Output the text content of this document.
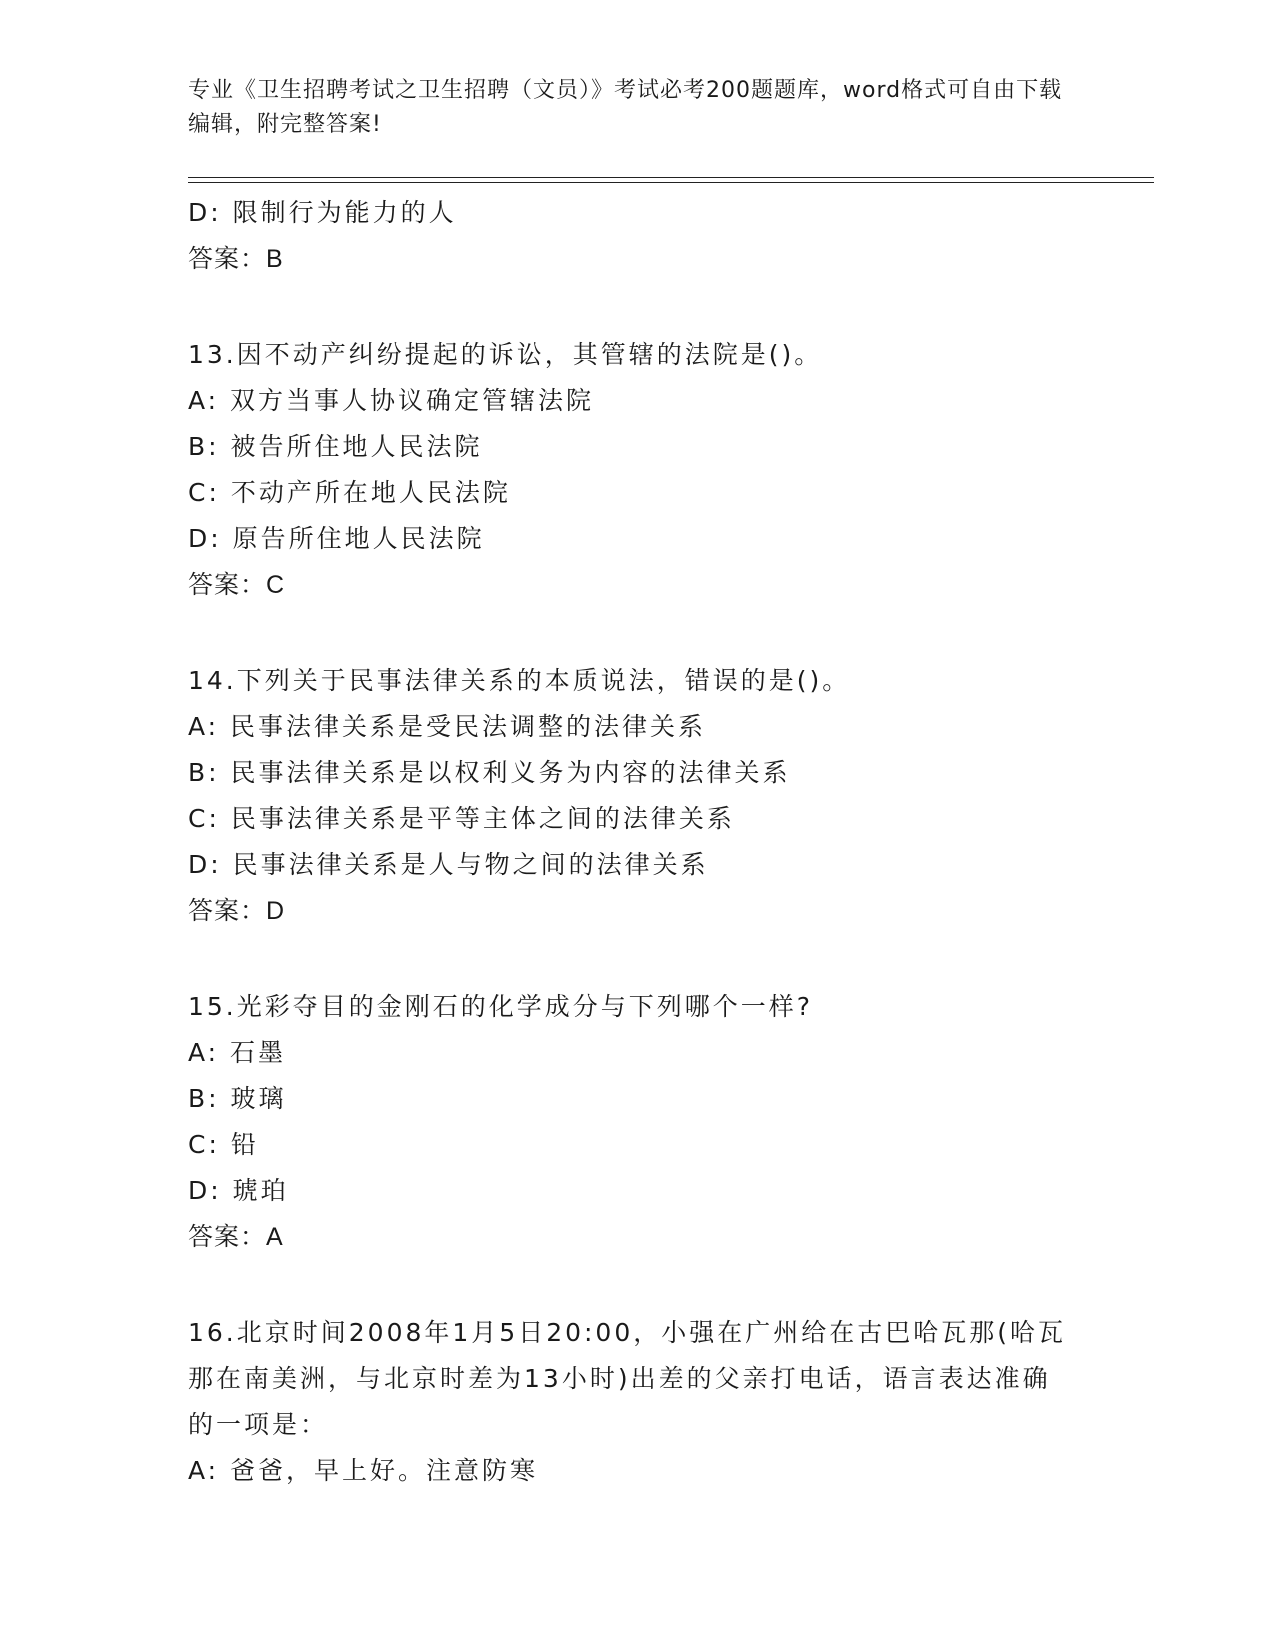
专业《卫生招聘考试之卫生招聘（文员）》考试必考200题题库，word格式可自由下载编辑，附完整答案!
D: 限制行为能力的人
答案：B
13.因不动产纠纷提起的诉讼，其管辖的法院是()。
A: 双方当事人协议确定管辖法院
B: 被告所住地人民法院
C: 不动产所在地人民法院
D: 原告所住地人民法院
答案：C
14.下列关于民事法律关系的本质说法，错误的是()。
A: 民事法律关系是受民法调整的法律关系
B: 民事法律关系是以权利义务为内容的法律关系
C: 民事法律关系是平等主体之间的法律关系
D: 民事法律关系是人与物之间的法律关系
答案：D
15.光彩夺目的金刚石的化学成分与下列哪个一样?
A: 石墨
B: 玻璃
C: 铅
D: 琥珀
答案：A
16.北京时间2008年1月5日20:00，小强在广州给在古巴哈瓦那(哈瓦那在南美洲，与北京时差为13小时)出差的父亲打电话，语言表达准确的一项是：
A: 爸爸，早上好。注意防寒
